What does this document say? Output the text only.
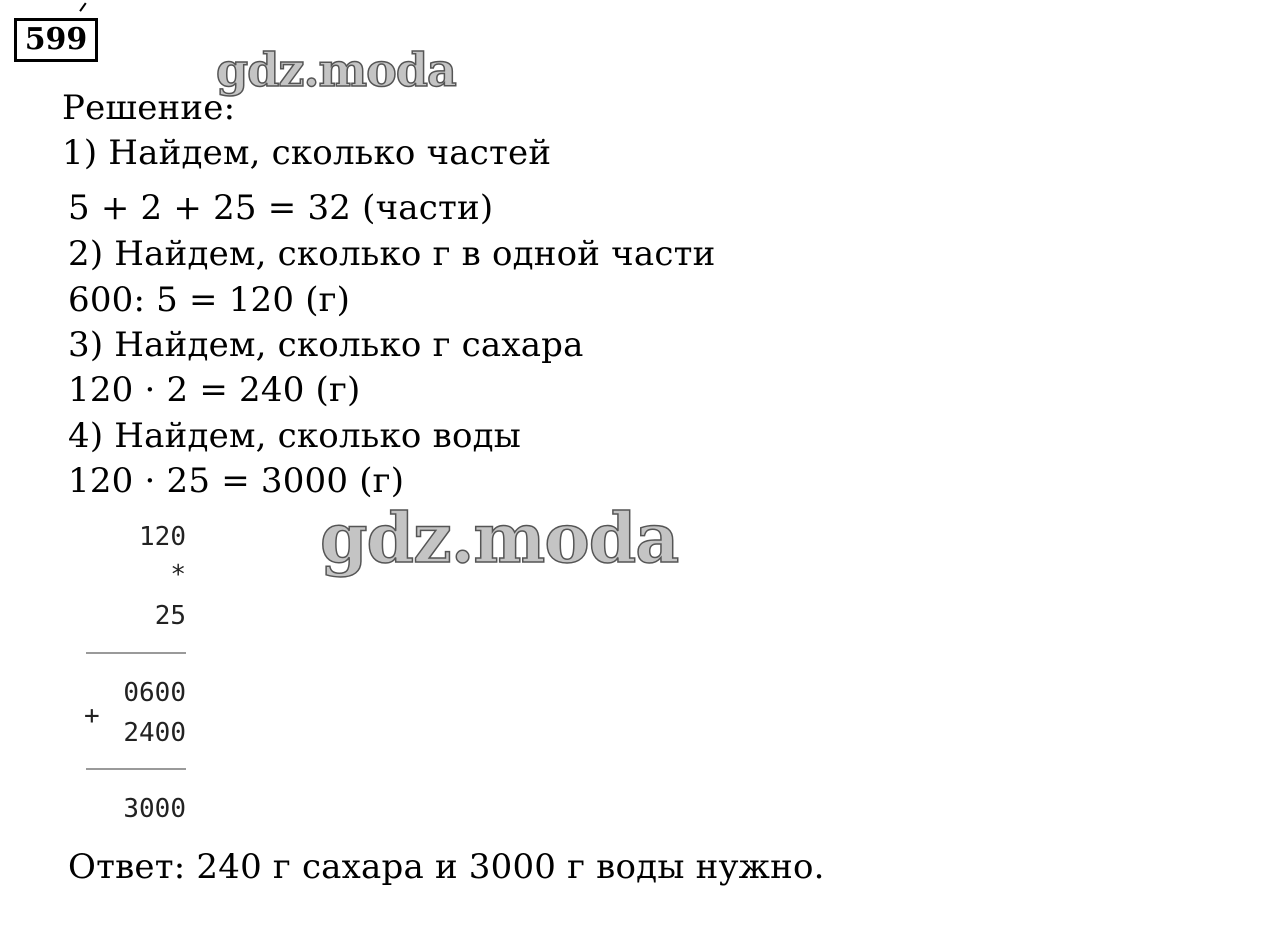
599
Решение:
1) Найдем, сколько частей
5 + 2 + 25 = 32 (части)
2) Найдем, сколько г в одной части
600: 5 = 120 (г)
3) Найдем, сколько г сахара
120 · 2 = 240 (г)
4) Найдем, сколько воды
120 · 25 = 3000 (г)
120
*
25
0600
+
2400
3000
Ответ: 240 г сахара и 3000 г воды нужно.
gdz.moda
gdz.moda
